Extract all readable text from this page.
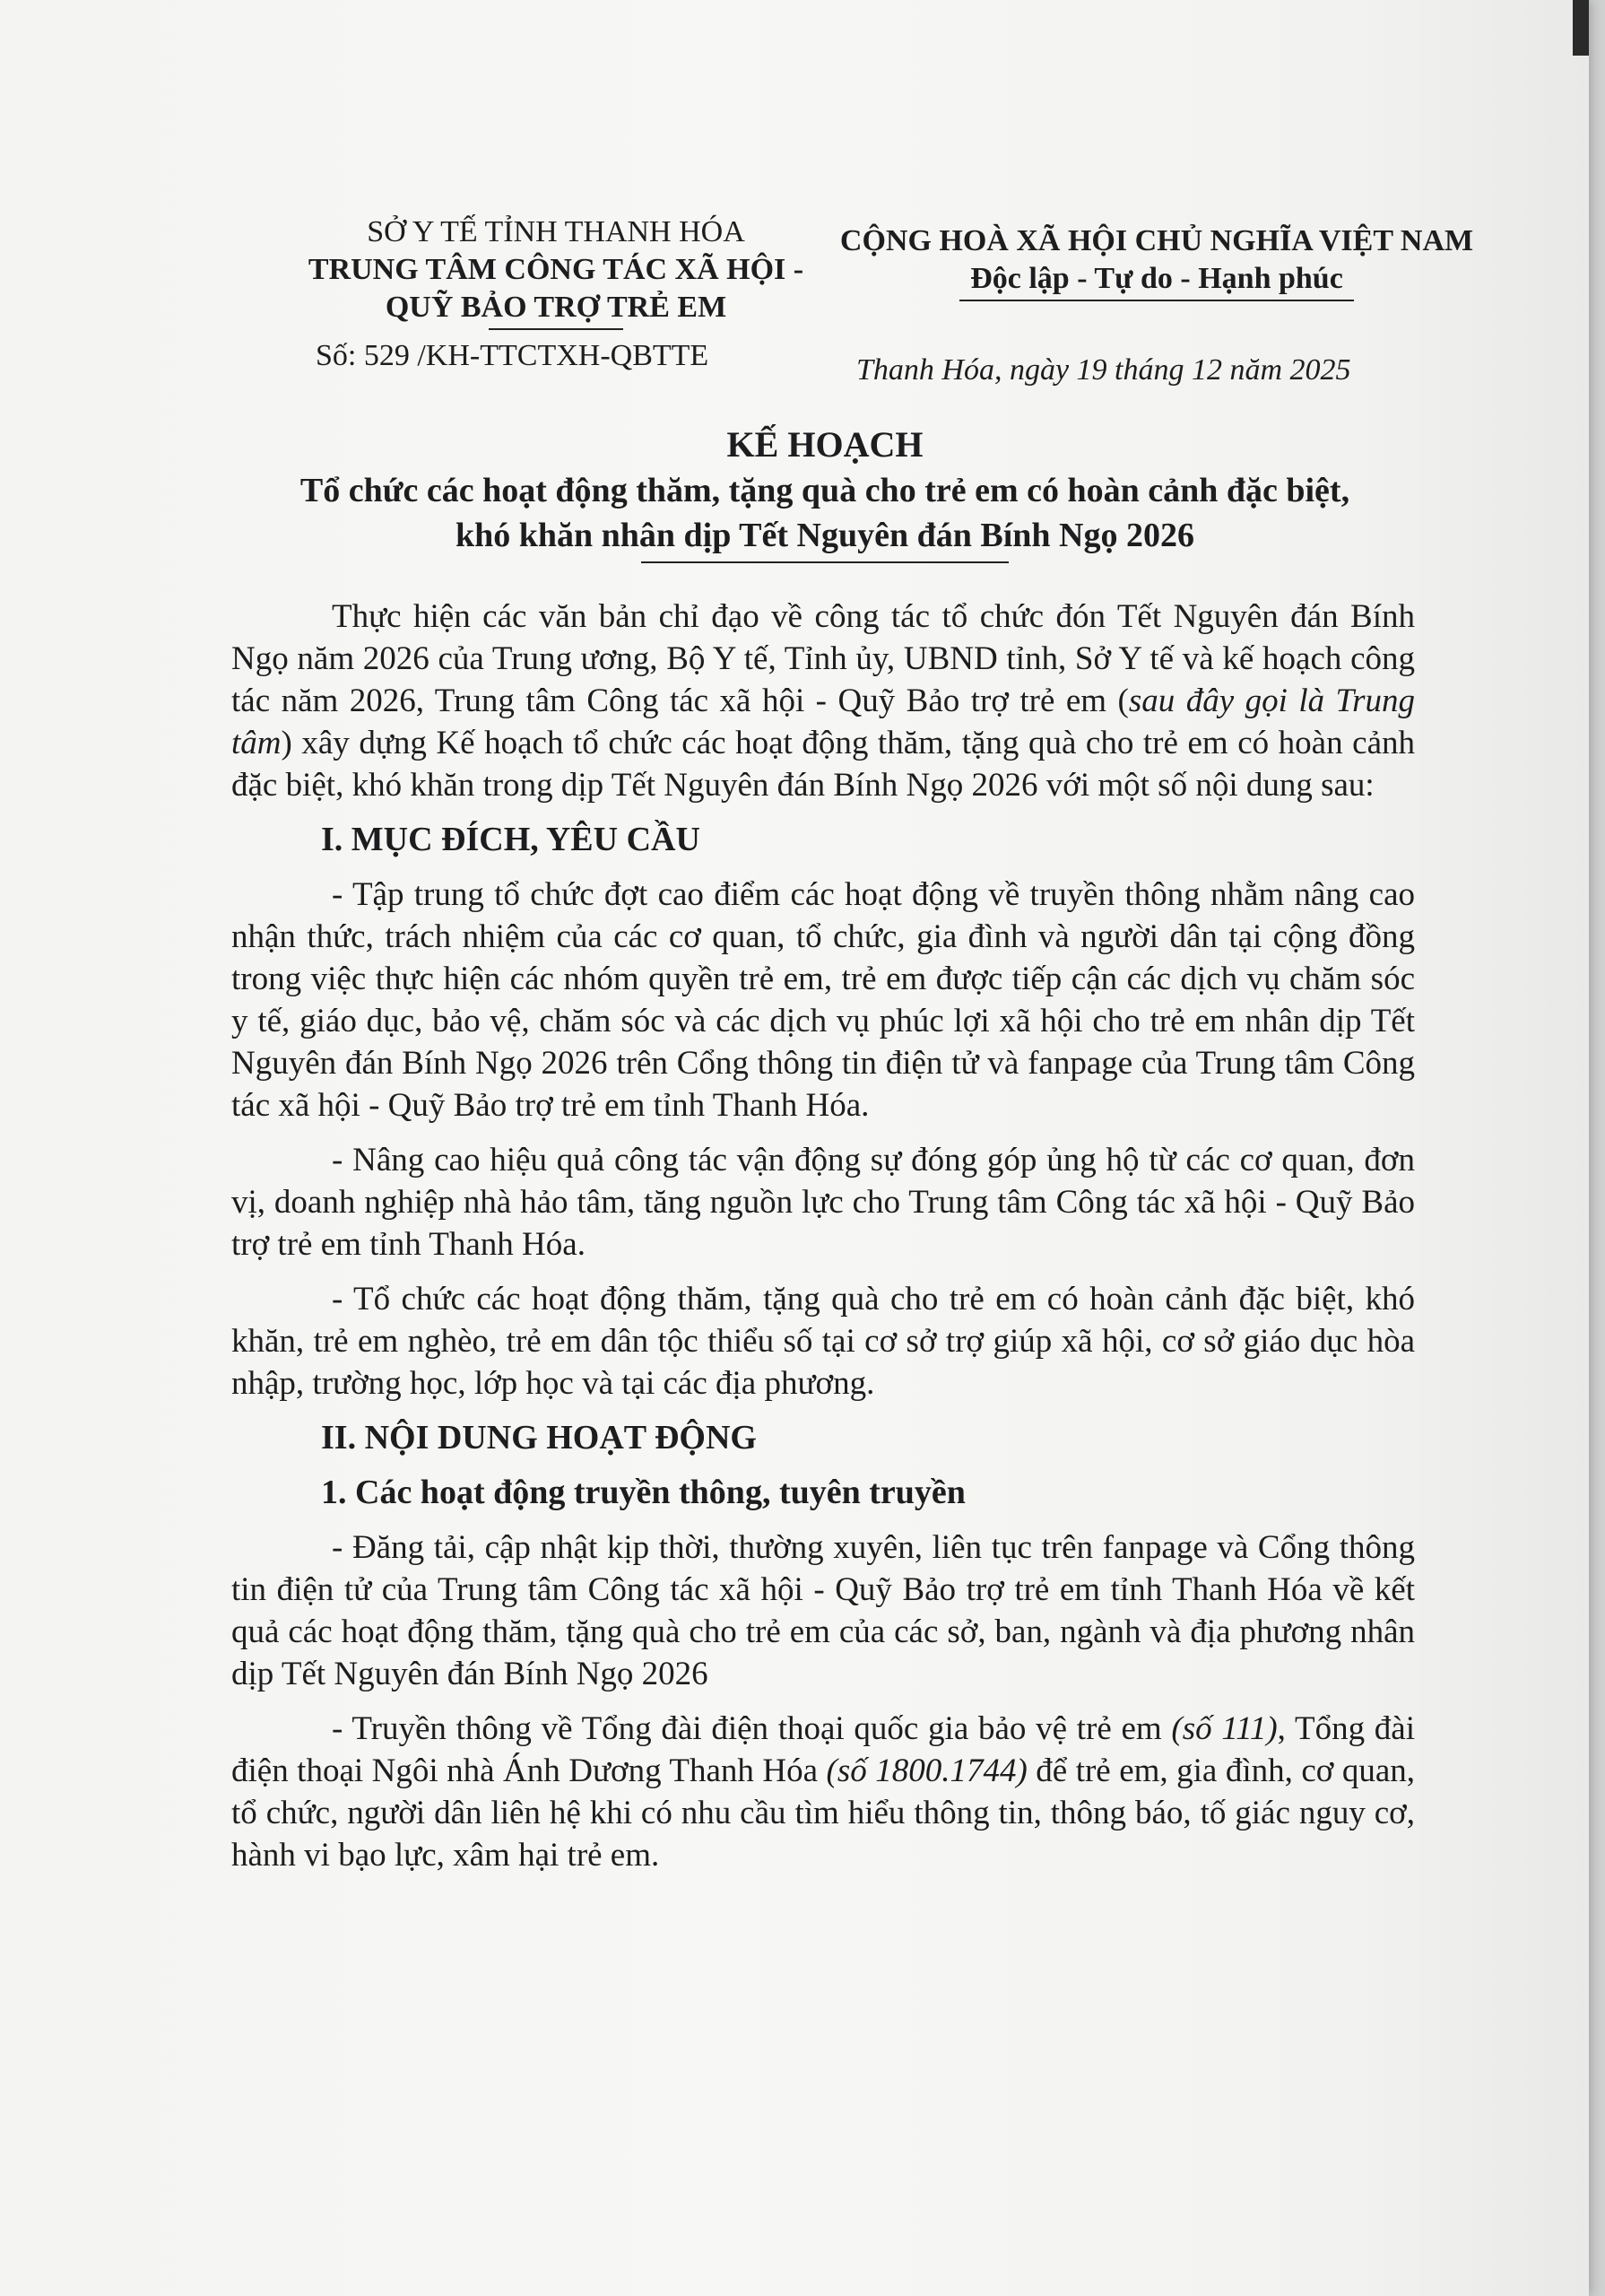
SỞ Y TẾ TỈNH THANH HÓA
TRUNG TÂM CÔNG TÁC XÃ HỘI -
QUỸ BẢO TRỢ TRẺ EM
Số: 529 /KH-TTCTXH-QBTTE
CỘNG HOÀ XÃ HỘI CHỦ NGHĨA VIỆT NAM
Độc lập - Tự do - Hạnh phúc
Thanh Hóa, ngày 19 tháng 12 năm 2025
KẾ HOẠCH
Tổ chức các hoạt động thăm, tặng quà cho trẻ em có hoàn cảnh đặc biệt,
khó khăn nhân dịp Tết Nguyên đán Bính Ngọ 2026

Thực hiện các văn bản chỉ đạo về công tác tổ chức đón Tết Nguyên đán Bính Ngọ năm 2026 của Trung ương, Bộ Y tế, Tỉnh ủy, UBND tỉnh, Sở Y tế và kế hoạch công tác năm 2026, Trung tâm Công tác xã hội - Quỹ Bảo trợ trẻ em (sau đây gọi là Trung tâm) xây dựng Kế hoạch tổ chức các hoạt động thăm, tặng quà cho trẻ em có hoàn cảnh đặc biệt, khó khăn trong dịp Tết Nguyên đán Bính Ngọ 2026 với một số nội dung sau:

I. MỤC ĐÍCH, YÊU CẦU

- Tập trung tổ chức đợt cao điểm các hoạt động về truyền thông nhằm nâng cao nhận thức, trách nhiệm của các cơ quan, tổ chức, gia đình và người dân tại cộng đồng trong việc thực hiện các nhóm quyền trẻ em, trẻ em được tiếp cận các dịch vụ chăm sóc y tế, giáo dục, bảo vệ, chăm sóc và các dịch vụ phúc lợi xã hội cho trẻ em nhân dịp Tết Nguyên đán Bính Ngọ 2026 trên Cổng thông tin điện tử và fanpage của Trung tâm Công tác xã hội - Quỹ Bảo trợ trẻ em tỉnh Thanh Hóa.

- Nâng cao hiệu quả công tác vận động sự đóng góp ủng hộ từ các cơ quan, đơn vị, doanh nghiệp nhà hảo tâm, tăng nguồn lực cho Trung tâm Công tác xã hội - Quỹ Bảo trợ trẻ em tỉnh Thanh Hóa.

- Tổ chức các hoạt động thăm, tặng quà cho trẻ em có hoàn cảnh đặc biệt, khó khăn, trẻ em nghèo, trẻ em dân tộc thiểu số tại cơ sở trợ giúp xã hội, cơ sở giáo dục hòa nhập, trường học, lớp học và tại các địa phương.

II. NỘI DUNG HOẠT ĐỘNG
1. Các hoạt động truyền thông, tuyên truyền

- Đăng tải, cập nhật kịp thời, thường xuyên, liên tục trên fanpage và Cổng thông tin điện tử của Trung tâm Công tác xã hội - Quỹ Bảo trợ trẻ em tỉnh Thanh Hóa về kết quả các hoạt động thăm, tặng quà cho trẻ em của các sở, ban, ngành và địa phương nhân dịp Tết Nguyên đán Bính Ngọ 2026

- Truyền thông về Tổng đài điện thoại quốc gia bảo vệ trẻ em (số 111), Tổng đài điện thoại Ngôi nhà Ánh Dương Thanh Hóa (số 1800.1744) để trẻ em, gia đình, cơ quan, tổ chức, người dân liên hệ khi có nhu cầu tìm hiểu thông tin, thông báo, tố giác nguy cơ, hành vi bạo lực, xâm hại trẻ em.
